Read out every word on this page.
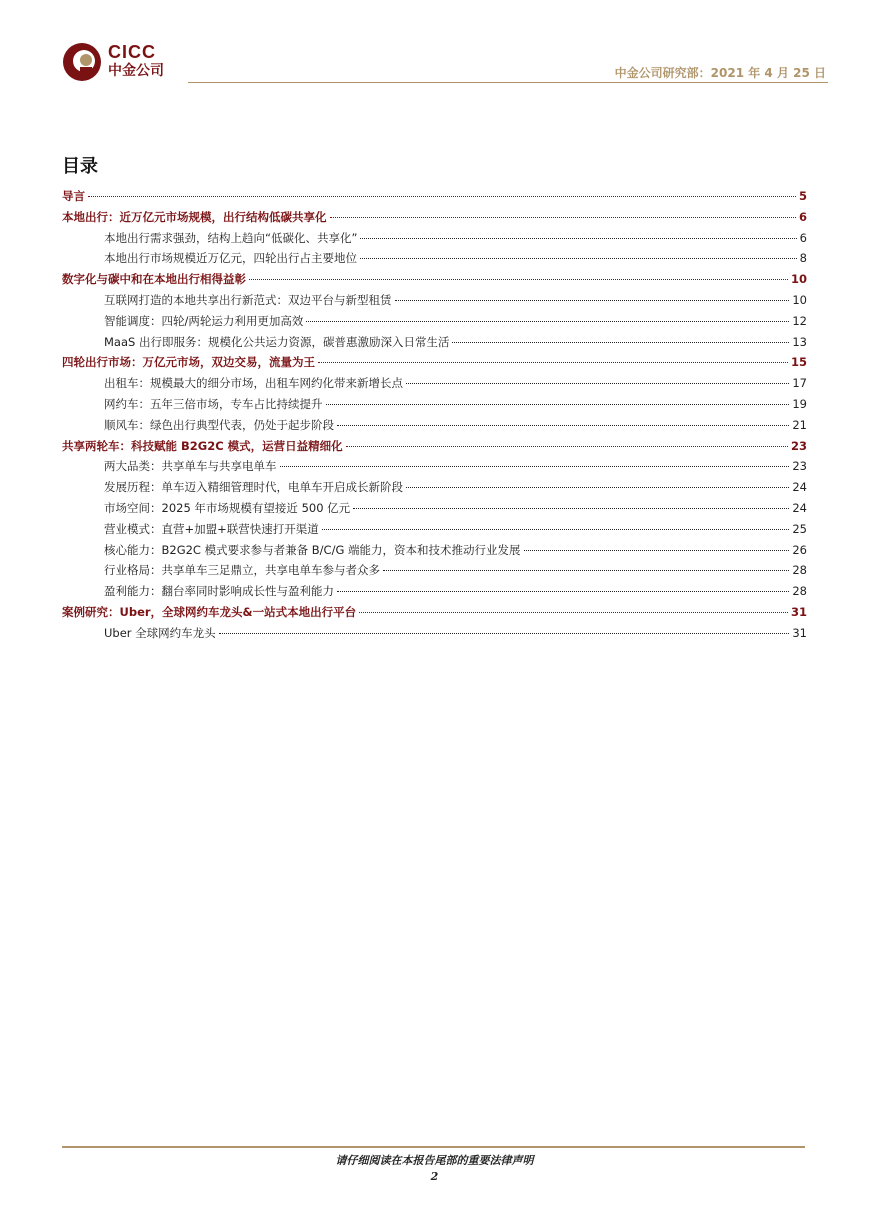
CICC
中金公司	中金公司研究部：2021 年 4 月 25 日
目录
导言	5
本地出行：近万亿元市场规模，出行结构低碳共享化	6
本地出行需求强劲，结构上趋向“低碳化、共享化”	6
本地出行市场规模近万亿元，四轮出行占主要地位	8
数字化与碳中和在本地出行相得益彰	10
互联网打造的本地共享出行新范式：双边平台与新型租赁	10
智能调度：四轮/两轮运力利用更加高效	12
MaaS 出行即服务：规模化公共运力资源，碳普惠激励深入日常生活	13
四轮出行市场：万亿元市场，双边交易，流量为王	15
出租车：规模最大的细分市场，出租车网约化带来新增长点	17
网约车：五年三倍市场，专车占比持续提升	19
顺风车：绿色出行典型代表，仍处于起步阶段	21
共享两轮车：科技赋能 B2G2C 模式，运营日益精细化	23
两大品类：共享单车与共享电单车	23
发展历程：单车迈入精细管理时代，电单车开启成长新阶段	24
市场空间：2025 年市场规模有望接近 500 亿元	24
营业模式：直营+加盟+联营快速打开渠道	25
核心能力：B2G2C 模式要求参与者兼备 B/C/G 端能力，资本和技术推动行业发展	26
行业格局：共享单车三足鼎立，共享电单车参与者众多	28
盈利能力：翻台率同时影响成长性与盈利能力	28
案例研究：Uber，全球网约车龙头&一站式本地出行平台	31
Uber 全球网约车龙头	31
请仔细阅读在本报告尾部的重要法律声明
2
